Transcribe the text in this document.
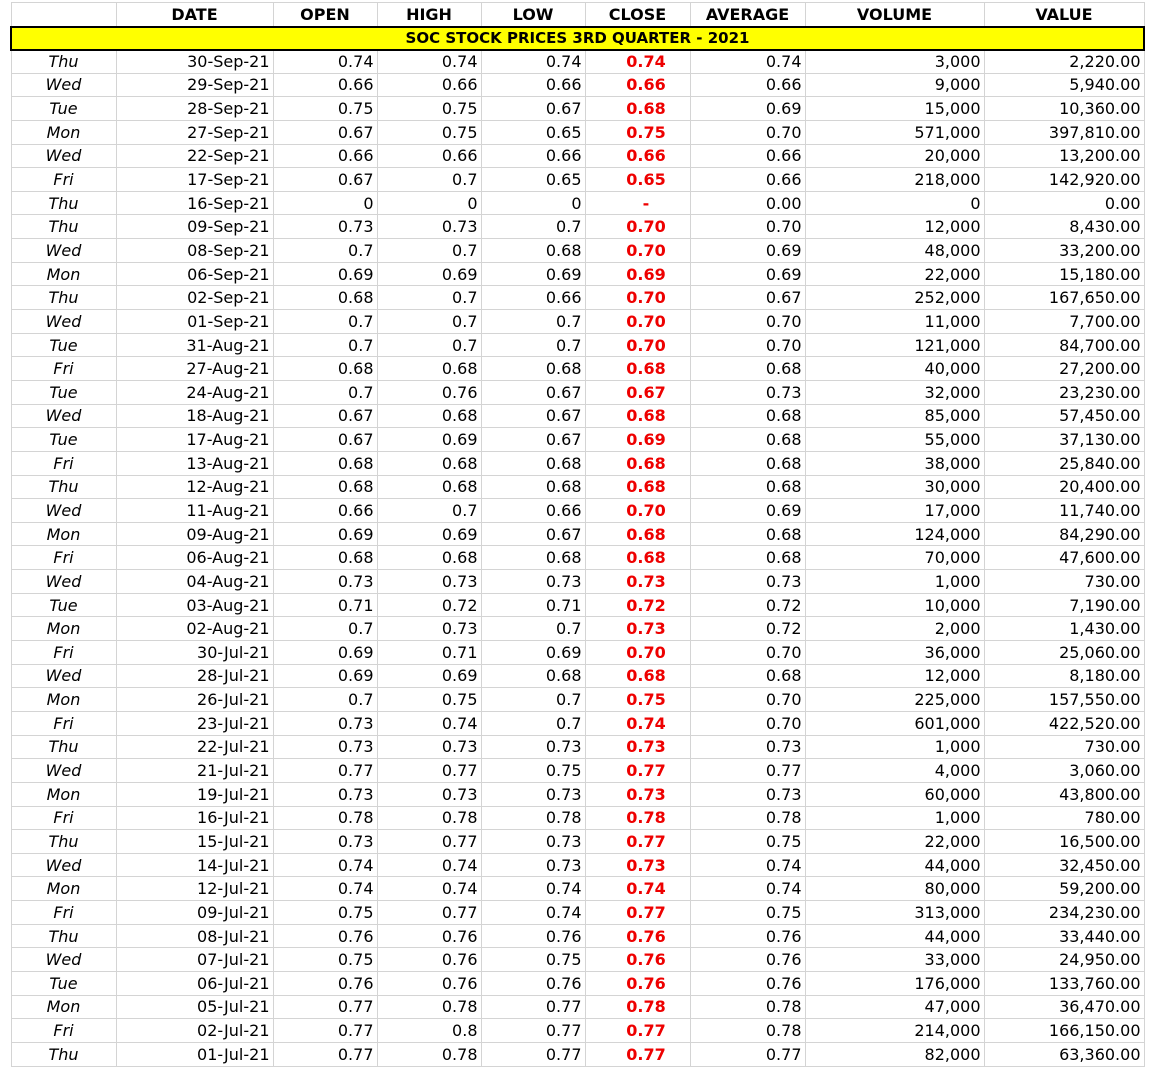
	DATE	OPEN	HIGH	LOW	CLOSE	AVERAGE	VOLUME	VALUE
SOC STOCK PRICES 3RD QUARTER - 2021								
Thu	30-Sep-21	0.74	0.74	0.74	0.74	0.74	3,000	2,220.00
Wed	29-Sep-21	0.66	0.66	0.66	0.66	0.66	9,000	5,940.00
Tue	28-Sep-21	0.75	0.75	0.67	0.68	0.69	15,000	10,360.00
Mon	27-Sep-21	0.67	0.75	0.65	0.75	0.70	571,000	397,810.00
Wed	22-Sep-21	0.66	0.66	0.66	0.66	0.66	20,000	13,200.00
Fri	17-Sep-21	0.67	0.7	0.65	0.65	0.66	218,000	142,920.00
Thu	16-Sep-21	0	0	0	-	0.00	0	0.00
Thu	09-Sep-21	0.73	0.73	0.7	0.70	0.70	12,000	8,430.00
Wed	08-Sep-21	0.7	0.7	0.68	0.70	0.69	48,000	33,200.00
Mon	06-Sep-21	0.69	0.69	0.69	0.69	0.69	22,000	15,180.00
Thu	02-Sep-21	0.68	0.7	0.66	0.70	0.67	252,000	167,650.00
Wed	01-Sep-21	0.7	0.7	0.7	0.70	0.70	11,000	7,700.00
Tue	31-Aug-21	0.7	0.7	0.7	0.70	0.70	121,000	84,700.00
Fri	27-Aug-21	0.68	0.68	0.68	0.68	0.68	40,000	27,200.00
Tue	24-Aug-21	0.7	0.76	0.67	0.67	0.73	32,000	23,230.00
Wed	18-Aug-21	0.67	0.68	0.67	0.68	0.68	85,000	57,450.00
Tue	17-Aug-21	0.67	0.69	0.67	0.69	0.68	55,000	37,130.00
Fri	13-Aug-21	0.68	0.68	0.68	0.68	0.68	38,000	25,840.00
Thu	12-Aug-21	0.68	0.68	0.68	0.68	0.68	30,000	20,400.00
Wed	11-Aug-21	0.66	0.7	0.66	0.70	0.69	17,000	11,740.00
Mon	09-Aug-21	0.69	0.69	0.67	0.68	0.68	124,000	84,290.00
Fri	06-Aug-21	0.68	0.68	0.68	0.68	0.68	70,000	47,600.00
Wed	04-Aug-21	0.73	0.73	0.73	0.73	0.73	1,000	730.00
Tue	03-Aug-21	0.71	0.72	0.71	0.72	0.72	10,000	7,190.00
Mon	02-Aug-21	0.7	0.73	0.7	0.73	0.72	2,000	1,430.00
Fri	30-Jul-21	0.69	0.71	0.69	0.70	0.70	36,000	25,060.00
Wed	28-Jul-21	0.69	0.69	0.68	0.68	0.68	12,000	8,180.00
Mon	26-Jul-21	0.7	0.75	0.7	0.75	0.70	225,000	157,550.00
Fri	23-Jul-21	0.73	0.74	0.7	0.74	0.70	601,000	422,520.00
Thu	22-Jul-21	0.73	0.73	0.73	0.73	0.73	1,000	730.00
Wed	21-Jul-21	0.77	0.77	0.75	0.77	0.77	4,000	3,060.00
Mon	19-Jul-21	0.73	0.73	0.73	0.73	0.73	60,000	43,800.00
Fri	16-Jul-21	0.78	0.78	0.78	0.78	0.78	1,000	780.00
Thu	15-Jul-21	0.73	0.77	0.73	0.77	0.75	22,000	16,500.00
Wed	14-Jul-21	0.74	0.74	0.73	0.73	0.74	44,000	32,450.00
Mon	12-Jul-21	0.74	0.74	0.74	0.74	0.74	80,000	59,200.00
Fri	09-Jul-21	0.75	0.77	0.74	0.77	0.75	313,000	234,230.00
Thu	08-Jul-21	0.76	0.76	0.76	0.76	0.76	44,000	33,440.00
Wed	07-Jul-21	0.75	0.76	0.75	0.76	0.76	33,000	24,950.00
Tue	06-Jul-21	0.76	0.76	0.76	0.76	0.76	176,000	133,760.00
Mon	05-Jul-21	0.77	0.78	0.77	0.78	0.78	47,000	36,470.00
Fri	02-Jul-21	0.77	0.8	0.77	0.77	0.78	214,000	166,150.00
Thu	01-Jul-21	0.77	0.78	0.77	0.77	0.77	82,000	63,360.00
